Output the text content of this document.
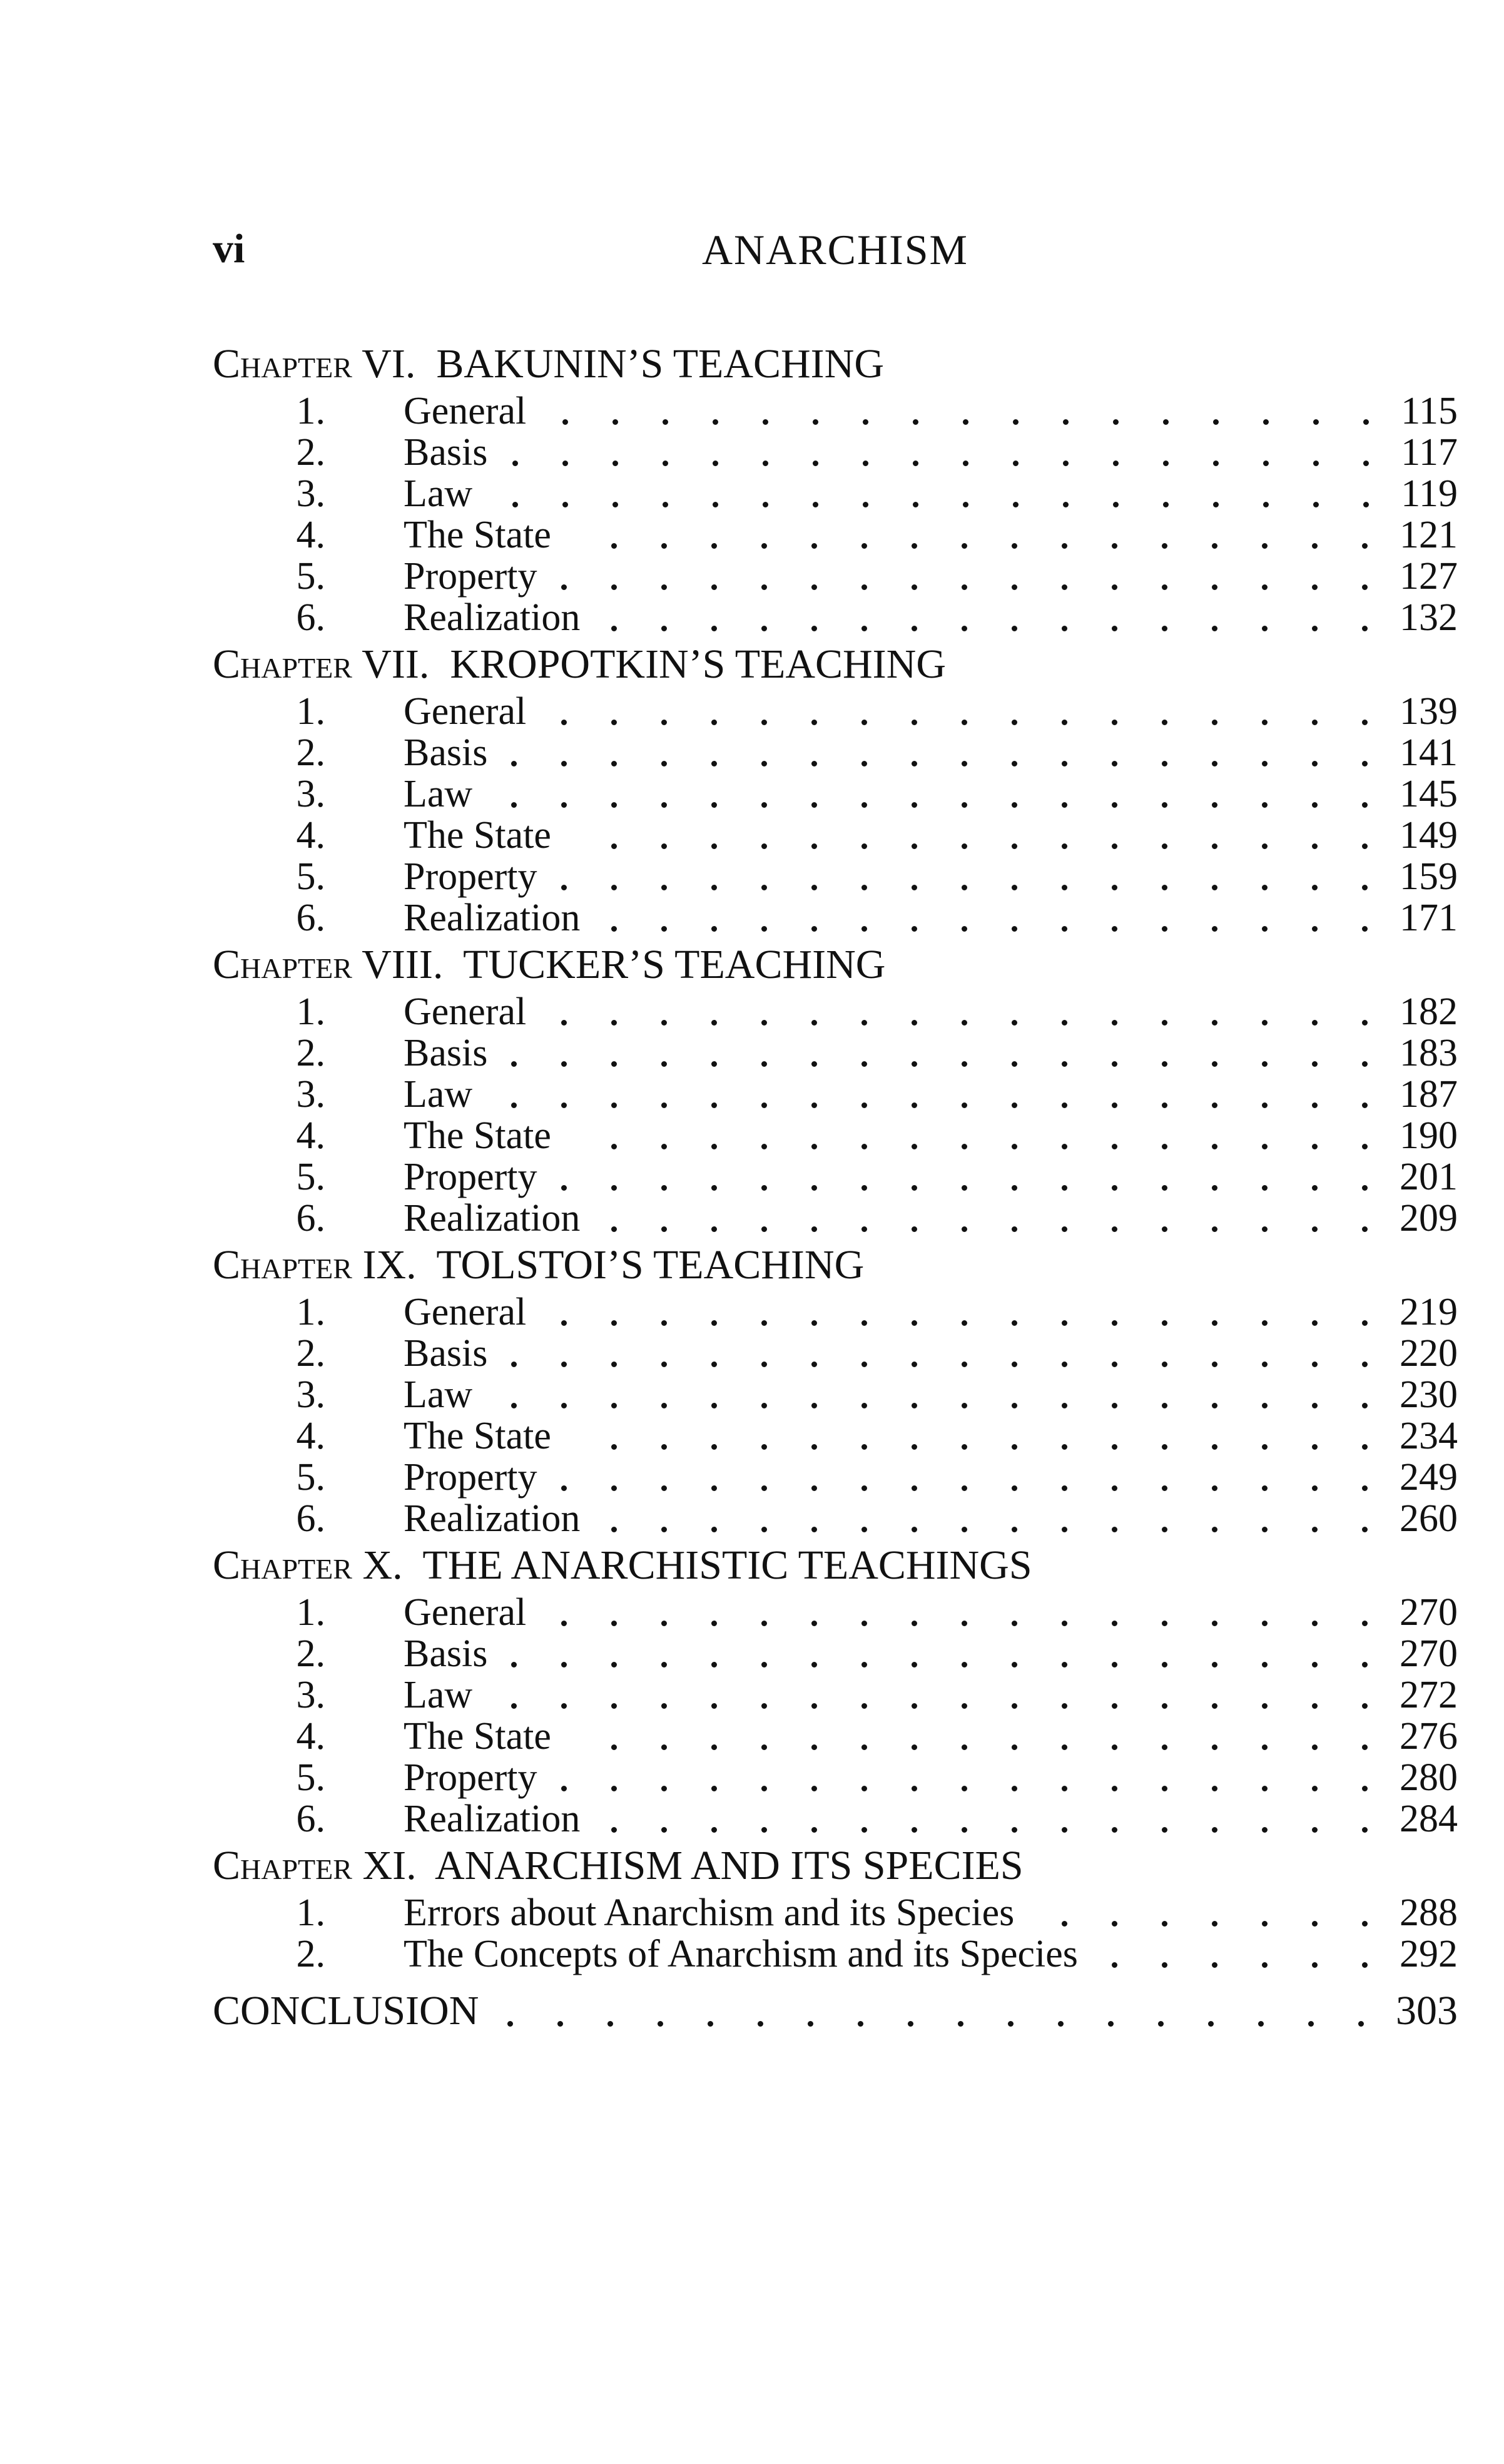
vi	ANARCHISM
Chapter VI.  BAKUNIN’S TEACHING
1. General	115
2. Basis	117
3. Law	119
4. The State	121
5. Property	127
6. Realization	132
Chapter VII.  KROPOTKIN’S TEACHING
1. General	139
2. Basis	141
3. Law	145
4. The State	149
5. Property	159
6. Realization	171
Chapter VIII.  TUCKER’S TEACHING
1. General	182
2. Basis	183
3. Law	187
4. The State	190
5. Property	201
6. Realization	209
Chapter IX.  TOLSTOI’S TEACHING
1. General	219
2. Basis	220
3. Law	230
4. The State	234
5. Property	249
6. Realization	260
Chapter X.  THE ANARCHISTIC TEACHINGS
1. General	270
2. Basis	270
3. Law	272
4. The State	276
5. Property	280
6. Realization	284
Chapter XI.  ANARCHISM AND ITS SPECIES
1. Errors about Anarchism and its Species	288
2. The Concepts of Anarchism and its Species	292
CONCLUSION	303
